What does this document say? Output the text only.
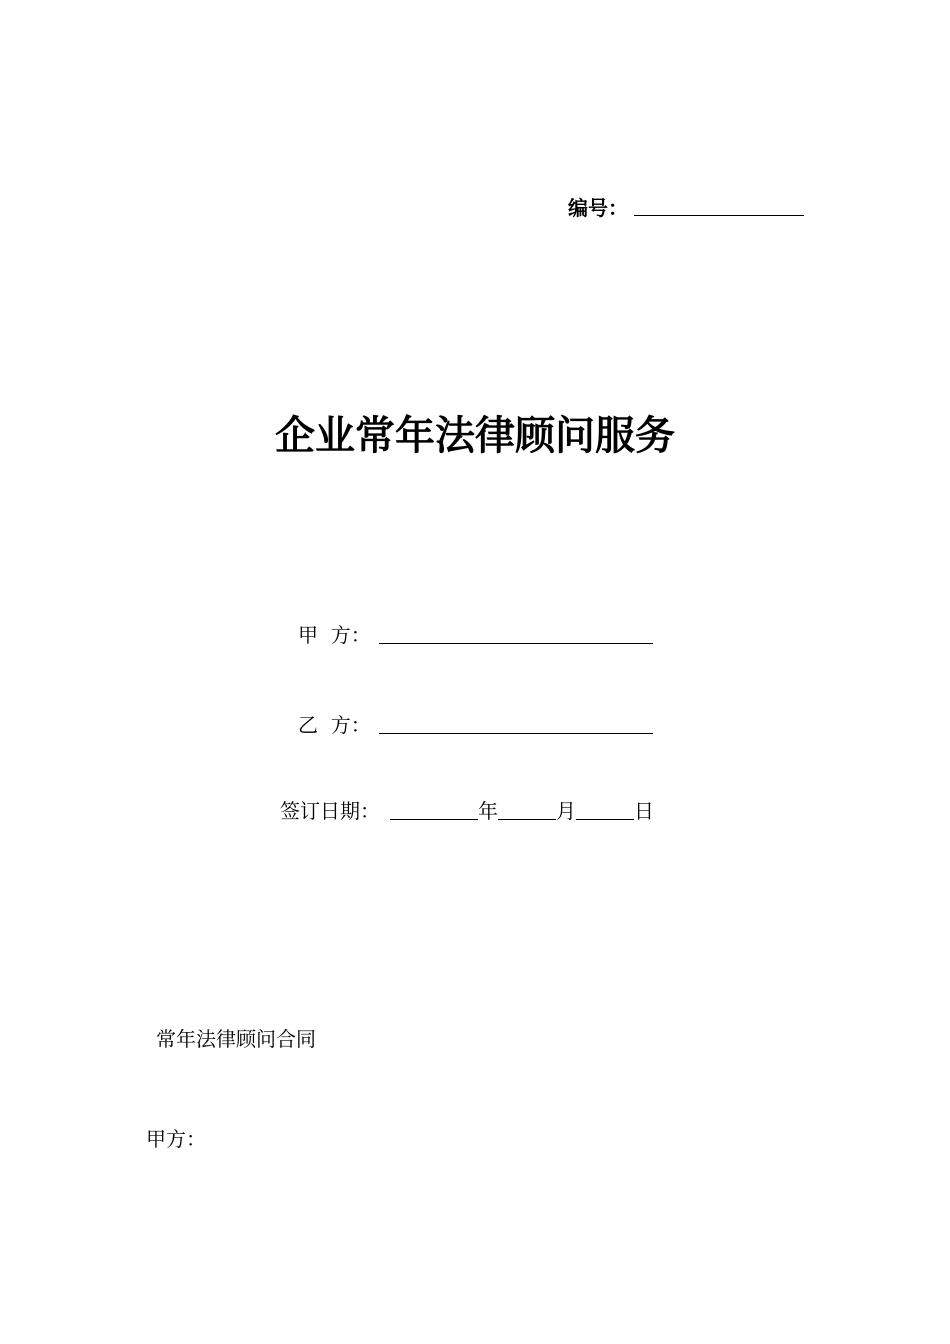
编号：
企业常年法律顾问服务
甲  方：
乙  方：
签订日期：	年	月	日
常年法律顾问合同
甲方：
